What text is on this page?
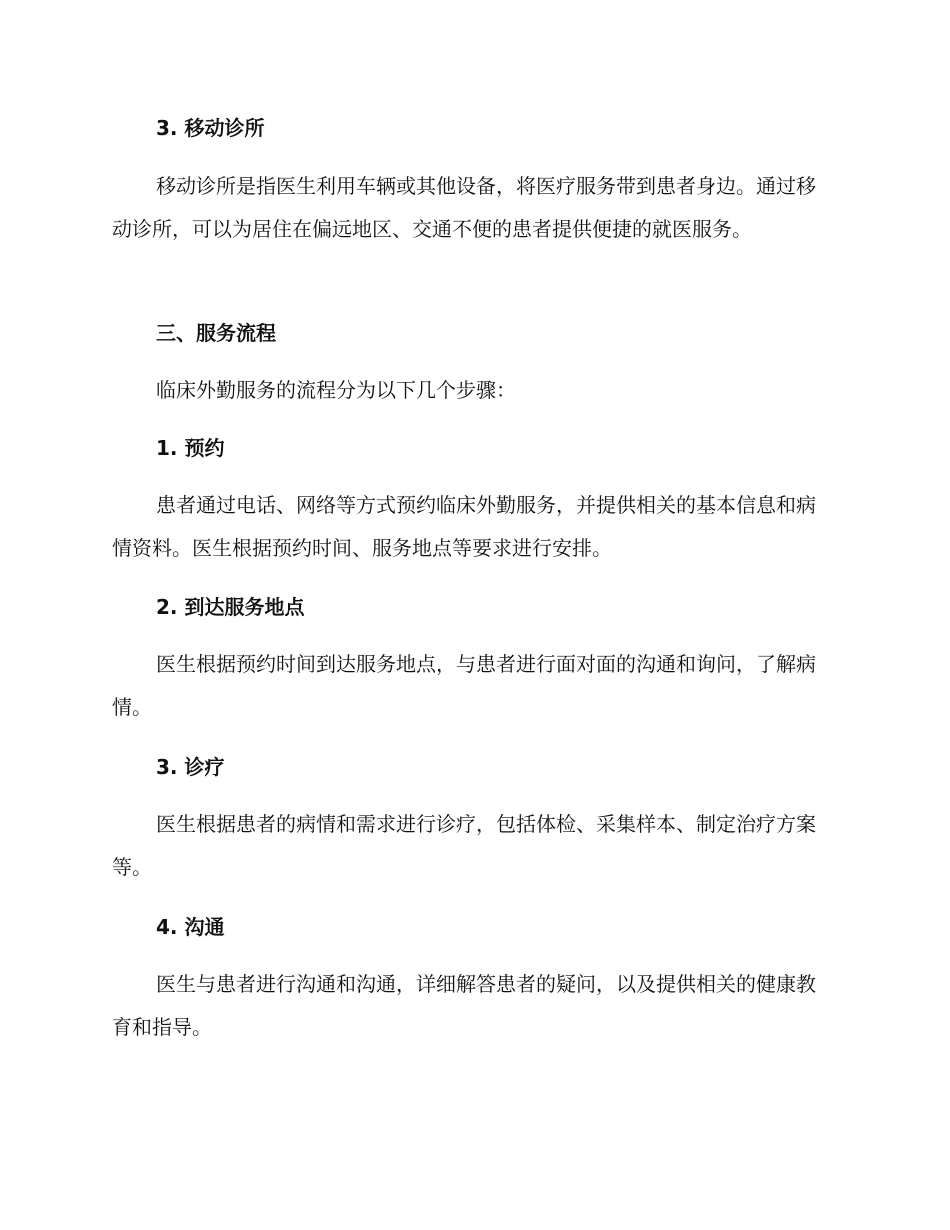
3. 移动诊所

移动诊所是指医生利用车辆或其他设备，将医疗服务带到患者身边。通过移动诊所，可以为居住在偏远地区、交通不便的患者提供便捷的就医服务。

三、服务流程

临床外勤服务的流程分为以下几个步骤：

1. 预约

患者通过电话、网络等方式预约临床外勤服务，并提供相关的基本信息和病情资料。医生根据预约时间、服务地点等要求进行安排。

2. 到达服务地点

医生根据预约时间到达服务地点，与患者进行面对面的沟通和询问，了解病情。

3. 诊疗

医生根据患者的病情和需求进行诊疗，包括体检、采集样本、制定治疗方案等。

4. 沟通

医生与患者进行沟通和沟通，详细解答患者的疑问，以及提供相关的健康教育和指导。
